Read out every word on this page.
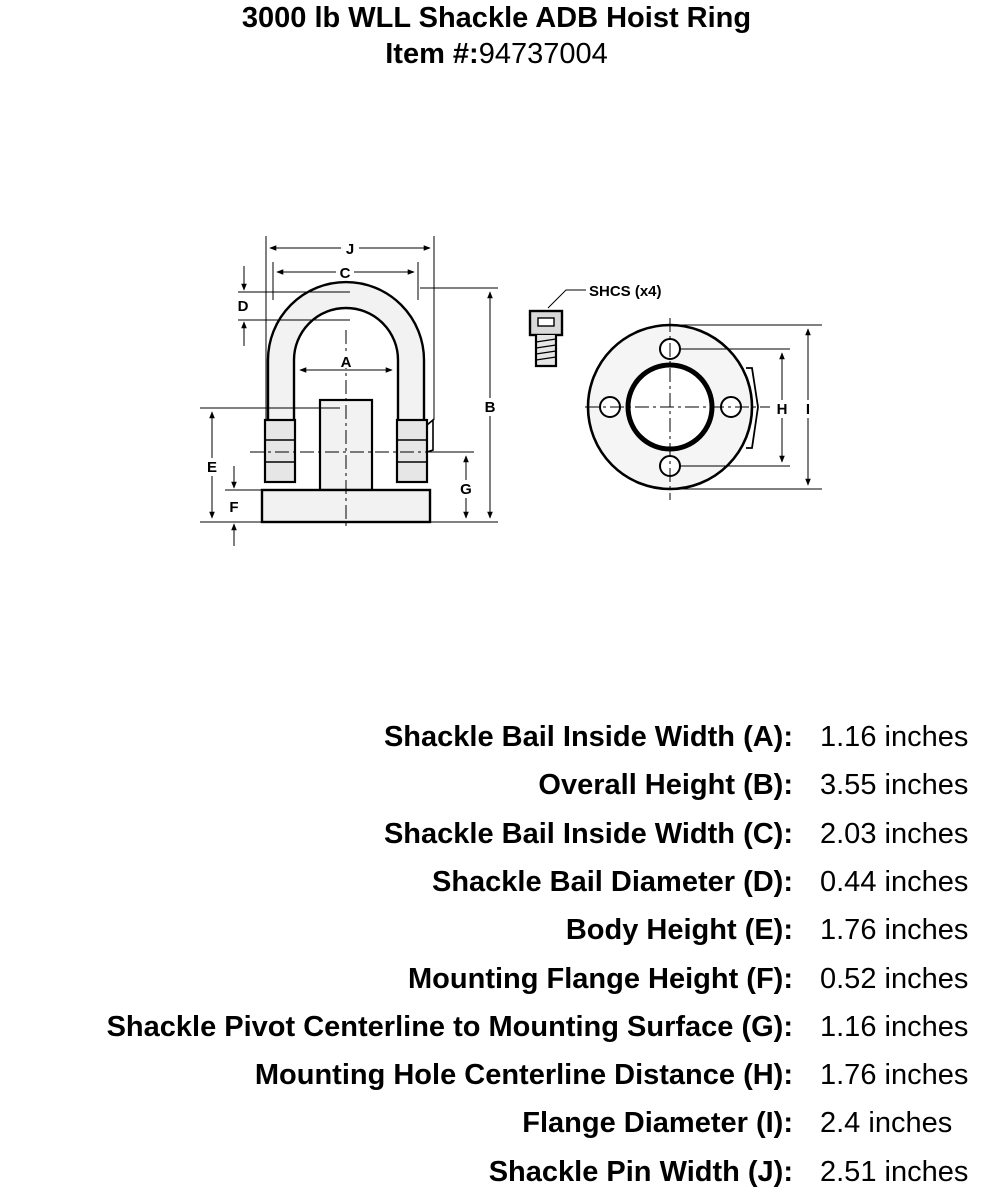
3000 lb WLL Shackle ADB Hoist Ring
Item #:94737004
J
C
A
D
B
E
F
G
H I
SHCS (x4)
Shackle Bail Inside Width (A): 1.16 inches
Overall Height (B): 3.55 inches
Shackle Bail Inside Width (C): 2.03 inches
Shackle Bail Diameter (D): 0.44 inches
Body Height (E): 1.76 inches
Mounting Flange Height (F): 0.52 inches
Shackle Pivot Centerline to Mounting Surface (G): 1.16 inches
Mounting Hole Centerline Distance (H): 1.76 inches
Flange Diameter (I): 2.4 inches
Shackle Pin Width (J): 2.51 inches
